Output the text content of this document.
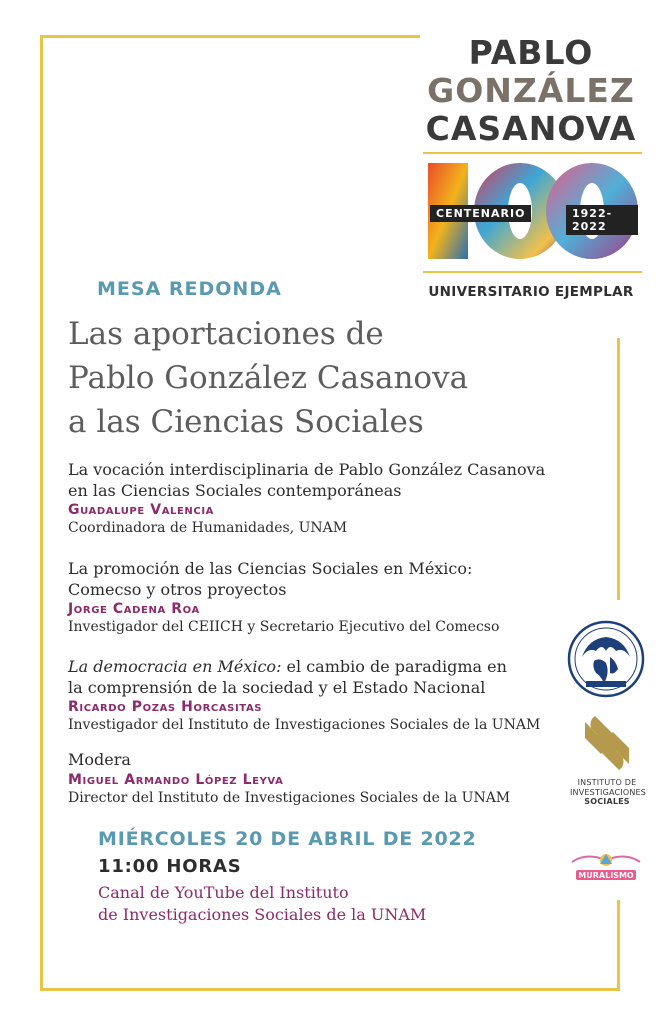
PABLO
GONZÁLEZ
CASANOVA
CENTENARIO	1922-2022
UNIVERSITARIO EJEMPLAR
MESA REDONDA
Las aportaciones de
Pablo González Casanova
a las Ciencias Sociales
La vocación interdisciplinaria de Pablo González Casanova
en las Ciencias Sociales contemporáneas
Guadalupe Valencia
Coordinadora de Humanidades, UNAM
La promoción de las Ciencias Sociales en México:
Comecso y otros proyectos
Jorge Cadena Roa
Investigador del CEIICH y Secretario Ejecutivo del Comecso
La democracia en México: el cambio de paradigma en
la comprensión de la sociedad y el Estado Nacional
Ricardo Pozas Horcasitas
Investigador del Instituto de Investigaciones Sociales de la UNAM
Modera
Miguel Armando López Leyva
Director del Instituto de Investigaciones Sociales de la UNAM
MIÉRCOLES 20 DE ABRIL DE 2022
11:00 HORAS
Canal de YouTube del Instituto
de Investigaciones Sociales de la UNAM
INSTITUTO DE
INVESTIGACIONES
SOCIALES
MURALISMO
